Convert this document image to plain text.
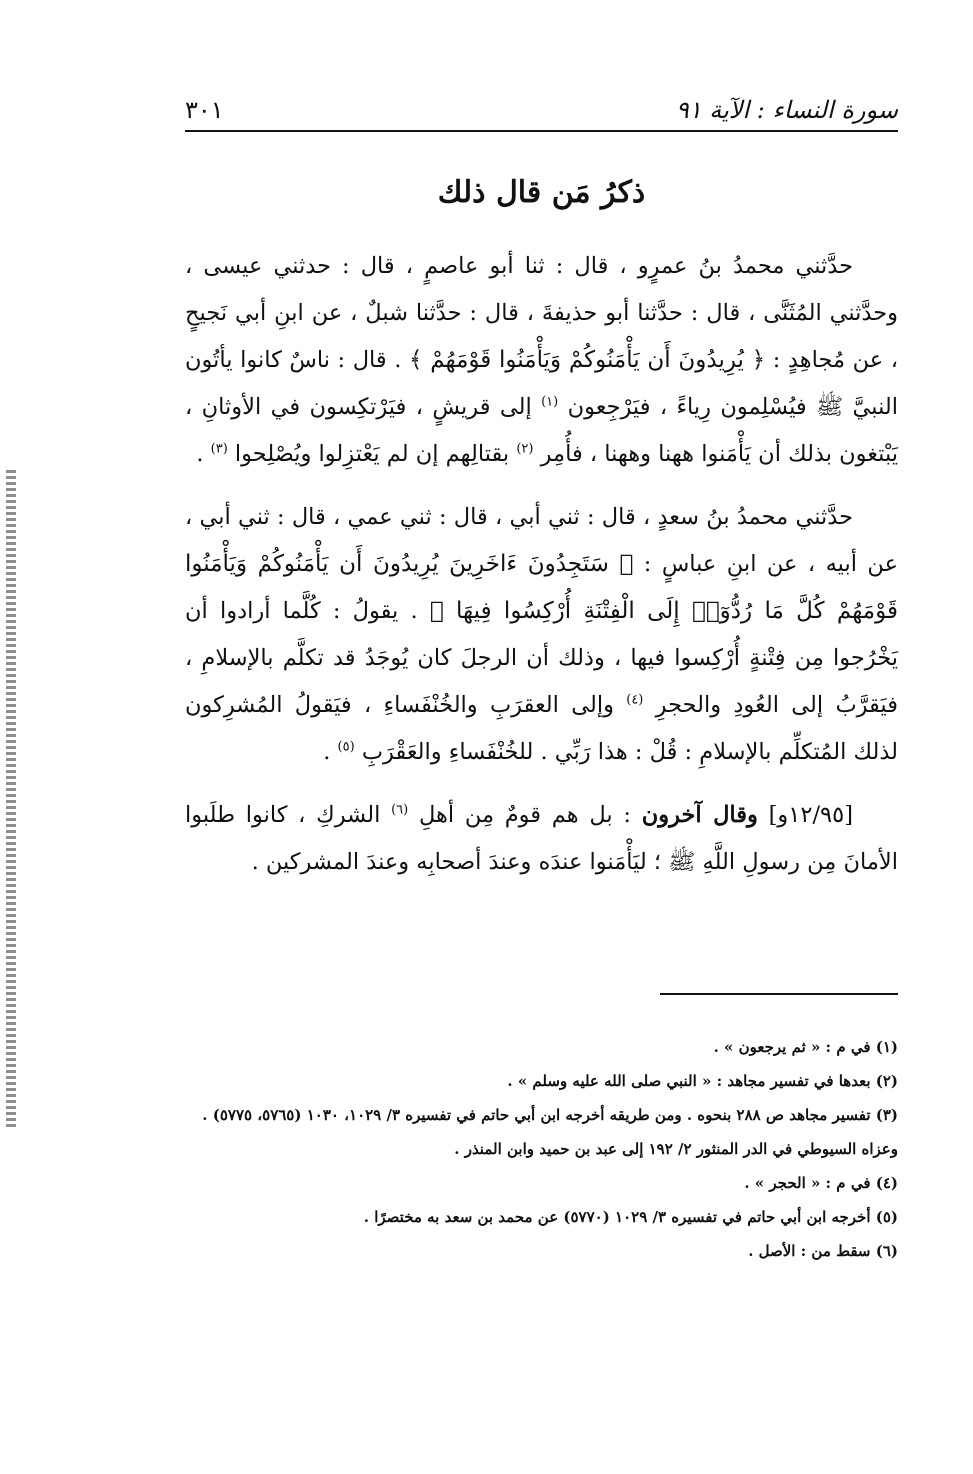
سورة النساء : الآية ٩١
٣٠١
ذكرُ مَن قال ذلك

حدَّثني محمدُ بنُ عمرٍو ، قال : ثنا أبو عاصمٍ ، قال : حدثني عيسى ، وحدَّثني المُثَنَّى ، قال : حدَّثنا أبو حذيفةَ ، قال : حدَّثنا شبلٌ ، عن ابنِ أبي نَجيحٍ ، عن مُجاهِدٍ : ﴿ يُرِيدُونَ أَن يَأْمَنُوكُمْ وَيَأْمَنُوا قَوْمَهُمْ ﴾ . قال : ناسٌ كانوا يأتُون النبيَّ ﷺ فيُسْلِمون رِياءً ، فيَرْجِعون $^{(١)}$ إلى قريشٍ ، فيَرْتكِسون في الأوثانِ ، يَبْتغون بذلك أن يَأْمَنوا ههنا وههنا ، فأُمِر $^{(٢)}$ بقتالِهم إن لم يَعْتزِلوا ويُصْلِحوا $^{(٣)}$ .

حدَّثني محمدُ بنُ سعدٍ ، قال : ثني أبي ، قال : ثني عمي ، قال : ثني أبي ، عن أبيه ، عن ابنِ عباسٍ : ﴿ سَتَجِدُونَ ءَاخَرِينَ يُرِيدُونَ أَن يَأْمَنُوكُمْ وَيَأْمَنُوا قَوْمَهُمْ كُلَّ مَا رُدُّوٓا۟ إِلَى الْفِتْنَةِ أُرْكِسُوا فِيهَا ﴾ . يقولُ : كُلَّما أرادوا أن يَخْرُجوا مِن فِتْنةٍ أُرْكِسوا فيها ، وذلك أن الرجلَ كان يُوجَدُ قد تكلَّم بالإسلامِ ، فيَقرَّبُ إلى العُودِ والحجرِ $^{(٤)}$ وإلى العقرَبِ والخُنْفَساءِ ، فيَقولُ المُشرِكون لذلك المُتكلِّم بالإسلامِ : قُلْ : هذا رَبِّي . للخُنْفَساءِ والعَقْرَبِ $^{(٥)}$ .

[١٢/٩٥و] وقال آخرون : بل هم قومٌ مِن أهلِ $^{(٦)}$ الشركِ ، كانوا طلَبوا الأمانَ مِن رسولِ اللَّهِ ﷺ ؛ ليَأْمَنوا عندَه وعندَ أصحابِه وعندَ المشركين .

(١) في م : « ثم يرجعون » .

(٢) بعدها في تفسير مجاهد : « النبي صلى الله عليه وسلم » .

(٣) تفسير مجاهد ص ٢٨٨ بنحوه . ومن طريقه أخرجه ابن أبي حاتم في تفسيره ٣/ ١٠٢٩، ١٠٣٠ (٥٧٦٥، ٥٧٧٥) . وعزاه السيوطي في الدر المنثور ٢/ ١٩٢ إلى عبد بن حميد وابن المنذر .

(٤) في م : « الحجر » .

(٥) أخرجه ابن أبي حاتم في تفسيره ٣/ ١٠٢٩ (٥٧٧٠) عن محمد بن سعد به مختصرًا .

(٦) سقط من : الأصل .
